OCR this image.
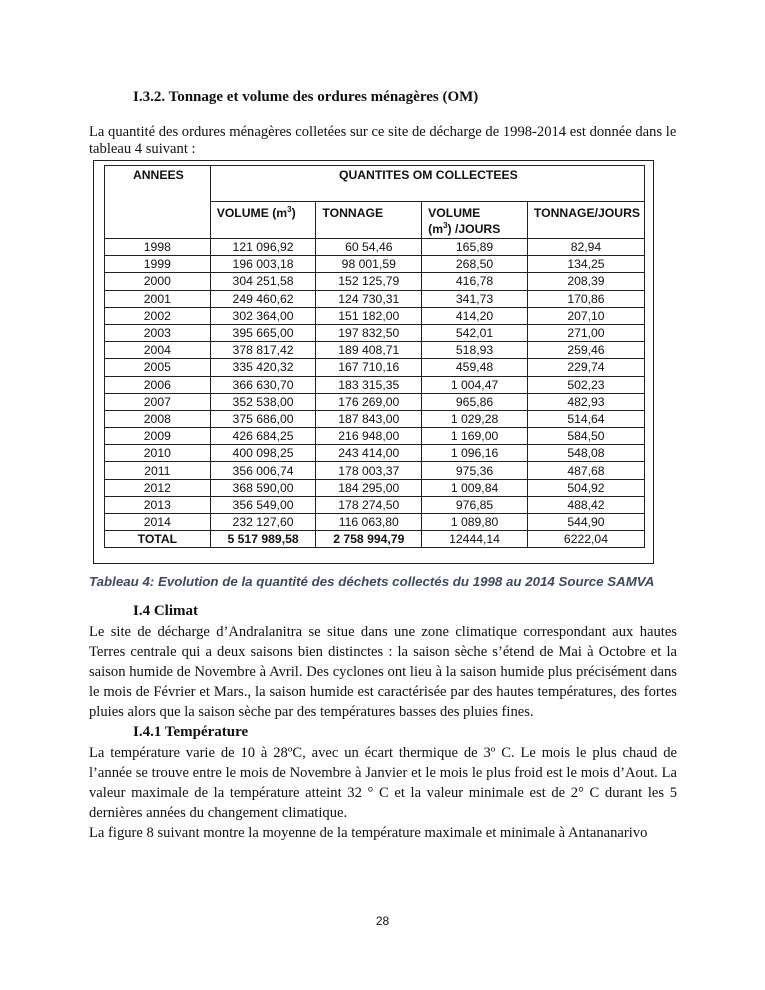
I.3.2. Tonnage et volume des ordures ménagères (OM)
La quantité des ordures ménagères colletées sur ce site de décharge de 1998-2014 est donnée dans le tableau 4 suivant :
ANNEES	QUANTITES OM COLLECTEES			
	VOLUME $(m^3)$	TONNAGE	VOLUME
$(m^3)$ /JOURS	TONNAGE/JOURS
1998	121 096,92	60 54,46	165,89	82,94
1999	196 003,18	98 001,59	268,50	134,25
2000	304 251,58	152 125,79	416,78	208,39
2001	249 460,62	124 730,31	341,73	170,86
2002	302 364,00	151 182,00	414,20	207,10
2003	395 665,00	197 832,50	542,01	271,00
2004	378 817,42	189 408,71	518,93	259,46
2005	335 420,32	167 710,16	459,48	229,74
2006	366 630,70	183 315,35	1 004,47	502,23
2007	352 538,00	176 269,00	965,86	482,93
2008	375 686,00	187 843,00	1 029,28	514,64
2009	426 684,25	216 948,00	1 169,00	584,50
2010	400 098,25	243 414,00	1 096,16	548,08
2011	356 006,74	178 003,37	975,36	487,68
2012	368 590,00	184 295,00	1 009,84	504,92
2013	356 549,00	178 274,50	976,85	488,42
2014	232 127,60	116 063,80	1 089,80	544,90
TOTAL	5 517 989,58	2 758 994,79	12444,14	6222,04
Tableau 4: Evolution de la quantité des déchets collectés du 1998 au 2014 Source SAMVA
I.4 Climat
Le site de décharge d’Andralanitra se situe dans une zone climatique correspondant aux hautes Terres centrale qui a deux saisons bien distinctes : la saison sèche s’étend de Mai à Octobre et la saison humide de Novembre à Avril. Des cyclones ont lieu à la saison humide plus précisément dans le mois de Février et Mars., la saison humide est caractérisée par des hautes températures, des fortes pluies alors que la saison sèche par des températures basses des pluies fines.
I.4.1 Température
La température varie de 10 à 28ºC, avec un écart thermique de 3º C. Le mois le plus chaud de l’année se trouve entre le mois de Novembre à Janvier et le mois le plus froid est le mois d’Aout. La valeur maximale de la température atteint 32 ° C et la valeur minimale est de 2° C durant les 5 dernières années du changement climatique.
La figure 8 suivant montre la moyenne de la température maximale et minimale à Antananarivo
28
